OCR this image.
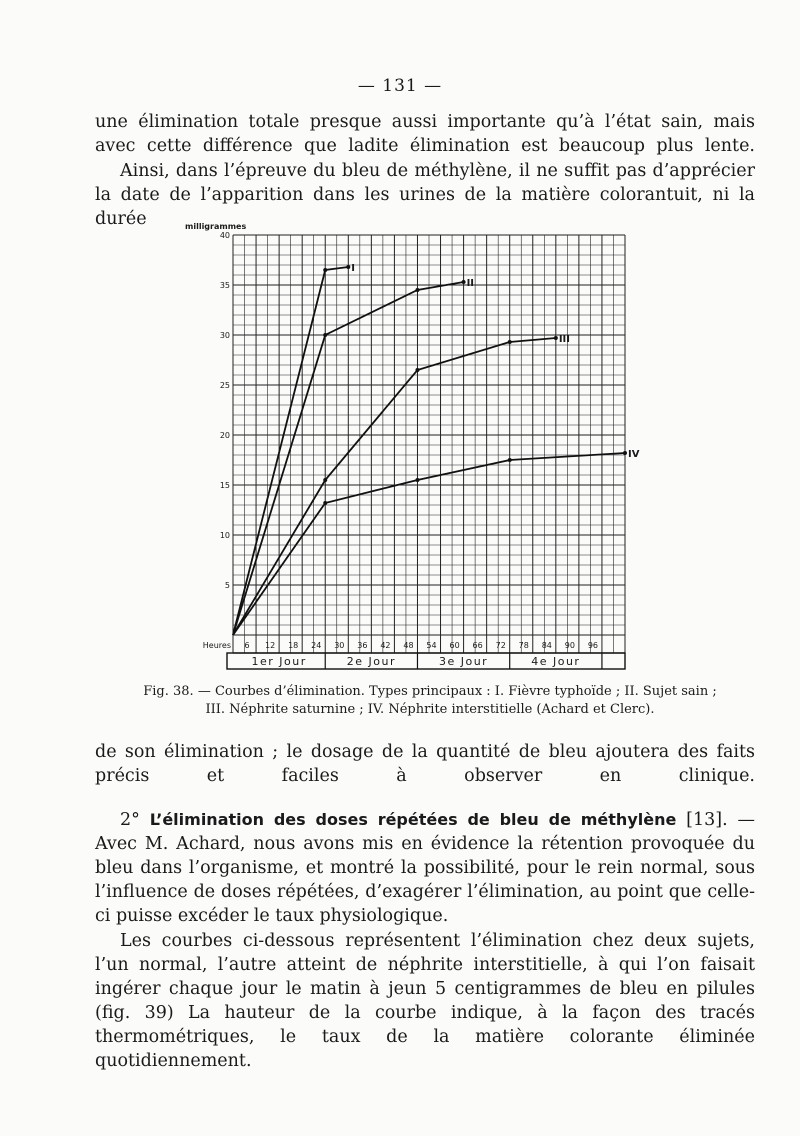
— 131 —

une élimination totale presque aussi importante qu’à l’état sain, mais avec cette différence que ladite élimination est beaucoup plus lente.

Ainsi, dans l’épreuve du bleu de méthylène, il ne suffit pas d’apprécier la date de l’apparition dans les urines de la matière colorantuit, ni la durée	milligrammes
5
10
15
20
25
30
35
40
Heures 6 12 18 24 30 36 42 48 54 60 66 72 78 84 90 96
1er Jour	2e Jour	3e Jour	4e Jour
I
II
III
IV
Fig. 38. — Courbes d’élimination. Types principaux : I. Fièvre typhoïde ; II. Sujet sain ;
III. Néphrite saturnine ; IV. Néphrite interstitielle (Achard et Clerc).

de son élimination ; le dosage de la quantité de bleu ajoutera des faits précis et	faciles à observer en clinique.

2° L’élimination des doses répétées de bleu de méthylène [13]. — Avec M. Achard, nous avons mis en évidence la rétention provoquée du bleu dans l’organisme, et montré la possibilité, pour le rein normal, sous l’influence de doses répétées, d’exagérer l’élimination, au point que celle-ci puisse excéder le taux physiologique.

Les courbes ci-dessous représentent l’élimination chez deux sujets, l’un normal, l’autre atteint de néphrite interstitielle, à qui l’on faisait ingérer chaque jour le matin à jeun 5 centigrammes de bleu en pilules (fig. 39) La hauteur de la courbe indique, à la façon des tracés thermométriques, le taux de la matière colorante éliminée quotidiennement.
